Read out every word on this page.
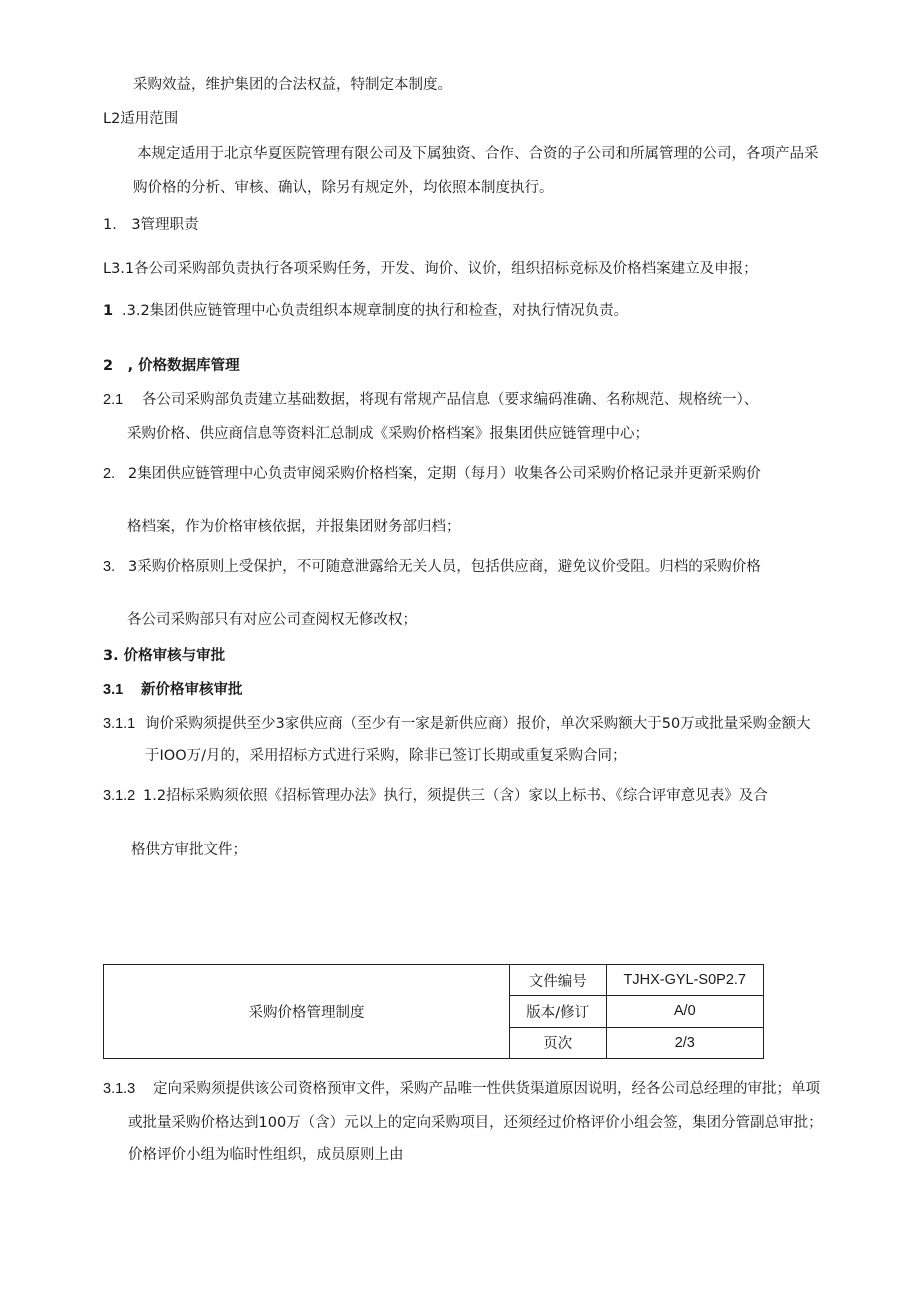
采购效益，维护集团的合法权益，特制定本制度。
L2适用范围
本规定适用于北京华夏医院管理有限公司及下属独资、合作、合资的子公司和所属管理的公司，各项产品采
购价格的分析、审核、确认，除另有规定外，均依照本制度执行。
1.　3管理职责
L3.1各公司采购部负责执行各项采购任务，开发、询价、议价，组织招标竞标及价格档案建立及申报；
1 .3.2集团供应链管理中心负责组织本规章制度的执行和检查，对执行情况负责。
2　, 价格数据库管理
2.1 各公司采购部负责建立基础数据，将现有常规产品信息（要求编码准确、名称规范、规格统一）、
采购价格、供应商信息等资料汇总制成《采购价格档案》报集团供应链管理中心；
2. 2集团供应链管理中心负责审阅采购价格档案，定期（每月）收集各公司采购价格记录并更新采购价
格档案，作为价格审核依据，并报集团财务部归档；
3. 3采购价格原则上受保护，不可随意泄露给无关人员，包括供应商，避免议价受阻。归档的采购价格
各公司采购部只有对应公司查阅权无修改权；
3. 价格审核与审批
3.1 新价格审核审批
3.1.1 询价采购须提供至少3家供应商（至少有一家是新供应商）报价，单次采购额大于50万或批量采购金额大
于IOO万/月的，采用招标方式进行采购，除非已签订长期或重复采购合同；
3.1.2 1.2招标采购须依照《招标管理办法》执行，须提供三（含）家以上标书、《综合评审意见表》及合
格供方审批文件；
采购价格管理制度	文件编号	TJHX-GYL-S0P2.7
	版本/修订	A/0
	页次	2/3
3.1.3 定向采购须提供该公司资格预审文件，采购产品唯一性供货渠道原因说明，经各公司总经理的审批；单项
或批量采购价格达到100万（含）元以上的定向采购项目，还须经过价格评价小组会签，集团分管副总审批；
价格评价小组为临时性组织，成员原则上由
